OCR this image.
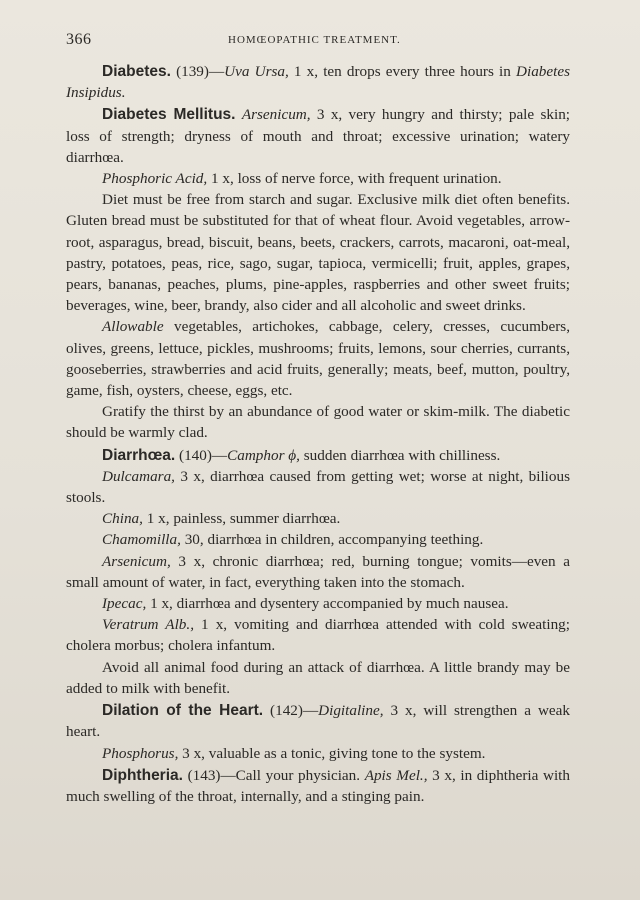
366	HOMŒOPATHIC TREATMENT.

Diabetes. (139)—Uva Ursa, 1 x, ten drops every three hours in Diabetes Insipidus.

Diabetes Mellitus. Arsenicum, 3 x, very hungry and thirsty; pale skin; loss of strength; dryness of mouth and throat; excessive urination; watery diarrhœa.

Phosphoric Acid, 1 x, loss of nerve force, with frequent urination.

Diet must be free from starch and sugar. Exclusive milk diet often benefits. Gluten bread must be substituted for that of wheat flour. Avoid vegetables, arrow-root, asparagus, bread, biscuit, beans, beets, crackers, carrots, macaroni, oat-meal, pastry, potatoes, peas, rice, sago, sugar, tapioca, vermicelli; fruit, apples, grapes, pears, bananas, peaches, plums, pine-apples, raspberries and other sweet fruits; beverages, wine, beer, brandy, also cider and all alcoholic and sweet drinks.

Allowable vegetables, artichokes, cabbage, celery, cresses, cucumbers, olives, greens, lettuce, pickles, mushrooms; fruits, lemons, sour cherries, currants, gooseberries, strawberries and acid fruits, generally; meats, beef, mutton, poultry, game, fish, oysters, cheese, eggs, etc.

Gratify the thirst by an abundance of good water or skim-milk. The diabetic should be warmly clad.

Diarrhœa. (140)—Camphor ϕ, sudden diarrhœa with chilliness.

Dulcamara, 3 x, diarrhœa caused from getting wet; worse at night, bilious stools.

China, 1 x, painless, summer diarrhœa.

Chamomilla, 30, diarrhœa in children, accompanying teething.

Arsenicum, 3 x, chronic diarrhœa; red, burning tongue; vomits—even a small amount of water, in fact, everything taken into the stomach.

Ipecac, 1 x, diarrhœa and dysentery accompanied by much nausea.

Veratrum Alb., 1 x, vomiting and diarrhœa attended with cold sweating; cholera morbus; cholera infantum.

Avoid all animal food during an attack of diarrhœa. A little brandy may be added to milk with benefit.

Dilation of the Heart. (142)—Digitaline, 3 x, will strengthen a weak heart.

Phosphorus, 3 x, valuable as a tonic, giving tone to the system.

Diphtheria. (143)—Call your physician. Apis Mel., 3 x, in diphtheria with much swelling of the throat, internally, and a stinging pain.
